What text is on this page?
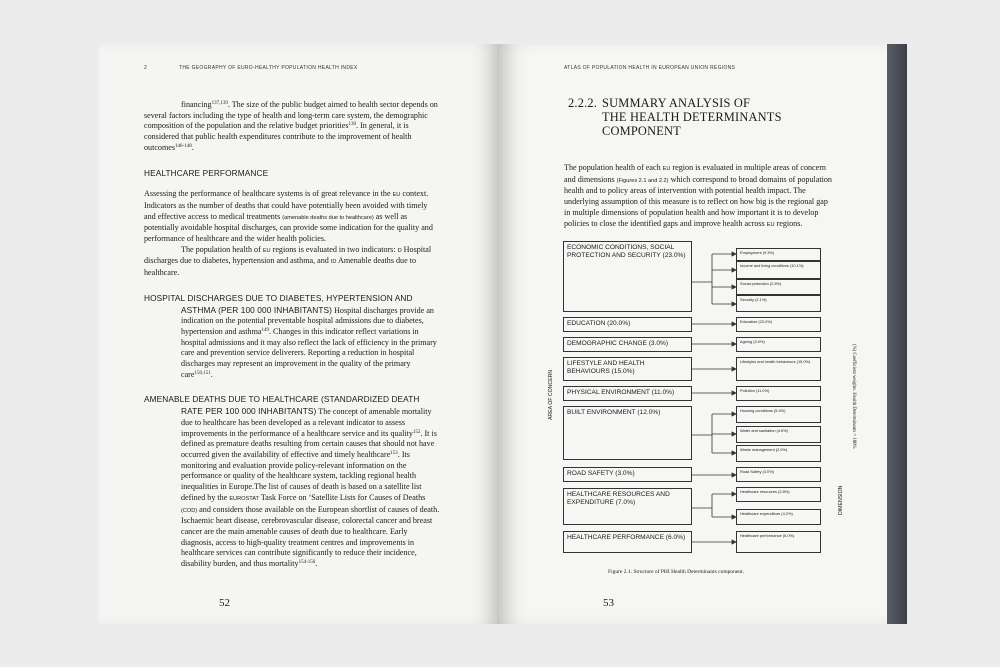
2	THE GEOGRAPHY OF EURO-HEALTHY POPULATION HEALTH INDEX

financing$^{137,139}$. The size of the public budget aimed to health sector depends on several factors including the type of health and long-term care system, the demographic composition of the population and the relative budget priorities$^{130}$. In general, it is considered that public health expenditures contribute to the improvement of health outcomes$^{146-148}$.

HEALTHCARE PERFORMANCE

Assessing the performance of healthcare systems is of great relevance in the EU context. Indicators as the number of deaths that could have potentially been avoided with timely and effective access to medical treatments (amenable deaths due to healthcare) as well as potentially avoidable hospital discharges, can provide some indication for the quality and performance of healthcare and the wider health policies.

The population health of EU regions is evaluated in two indicators: D Hospital discharges due to diabetes, hypertension and asthma, and ID Amenable deaths due to healthcare.

HOSPITAL DISCHARGES DUE TO DIABETES, HYPERTENSION AND ASTHMA (PER 100 000 INHABITANTS) Hospital discharges provide an indication on the potential preventable hospital admissions due to diabetes, hypertension and asthma$^{149}$. Changes in this indicator reflect variations in hospital admissions and it may also reflect the lack of efficiency in the primary care and prevention service deliverers. Reporting a reduction in hospital discharges may represent an improvement in the quality of the primary care$^{150,151}$.

AMENABLE DEATHS DUE TO HEALTHCARE (STANDARDIZED DEATH RATE PER 100 000 INHABITANTS) The concept of amenable mortality due to healthcare has been developed as a relevant indicator to assess improvements in the performance of a healthcare service and its quality$^{152}$. It is defined as premature deaths resulting from certain causes that should not have occurred given the availability of effective and timely healthcare$^{153}$. Its monitoring and evaluation provide policy-relevant information on the performance or quality of the healthcare system, tackling regional health inequalities in Europe.The list of causes of death is based on a satellite list defined by the EUROSTAT Task Force on ‘Satellite Lists for Causes of Deaths (COD) and considers those available on the European shortlist of causes of death. Ischaemic heart disease, cerebrovascular disease, colorectal cancer and breast cancer are the main amenable causes of death due to healthcare. Early diagnosis, access to high-quality treatment centres and improvements in healthcare services can contribute significantly to reduce their incidence, disability burden, and thus mortality$^{154-156}$.

52
ATLAS OF POPULATION HEALTH IN EUROPEAN UNION REGIONS
2.2.2. SUMMARY ANALYSIS OF
THE HEALTH DETERMINANTS
COMPONENT

The population health of each EU region is evaluated in multiple areas of concern and dimensions (Figures 2.1 and 2.2) which correspond to broad domains of population health and to policy areas of intervention with potential health impact. The underlying assumption of this measure is to reflect on how big is the regional gap in multiple dimensions of population health and how important it is to develop policies to close the identified gaps and improve health across EU regions.

ECONOMIC CONDITIONS, SOCIAL PROTECTION AND SECURITY (23.0%)
EDUCATION (20.0%)
DEMOGRAPHIC CHANGE (3.0%)
LIFESTYLE AND HEALTH BEHAVIOURS (15.0%)
PHYSICAL ENVIRONMENT (11.0%)
BUILT ENVIRONMENT (12.0%)
ROAD SAFETY (3.0%)
HEALTHCARE RESOURCES AND EXPENDITURE (7.0%)
HEALTHCARE PERFORMANCE (6.0%)
Employment (9.3%)
Income and living conditions (10.1%)
Social protection (2.5%)
Security (2.1%)
Education (20.0%)
Ageing (3.0%)
Lifestyles and health behaviours (15.0%)
Pollution (11.0%)
Housing conditions (5.4%)
Water and sanitation (4.6%)
Waste management (2.0%)
Road Safety (3.0%)
Healthcare resources (2.8%)
Healthcare expenditure (4.2%)
Healthcare performance (6.0%)
AREA OF CONCERN
Figure 2.1. Structure of PHI Health Determinants component.
DIMENSION
(%) Coefficient weights. Health Determinants = 100%
53
